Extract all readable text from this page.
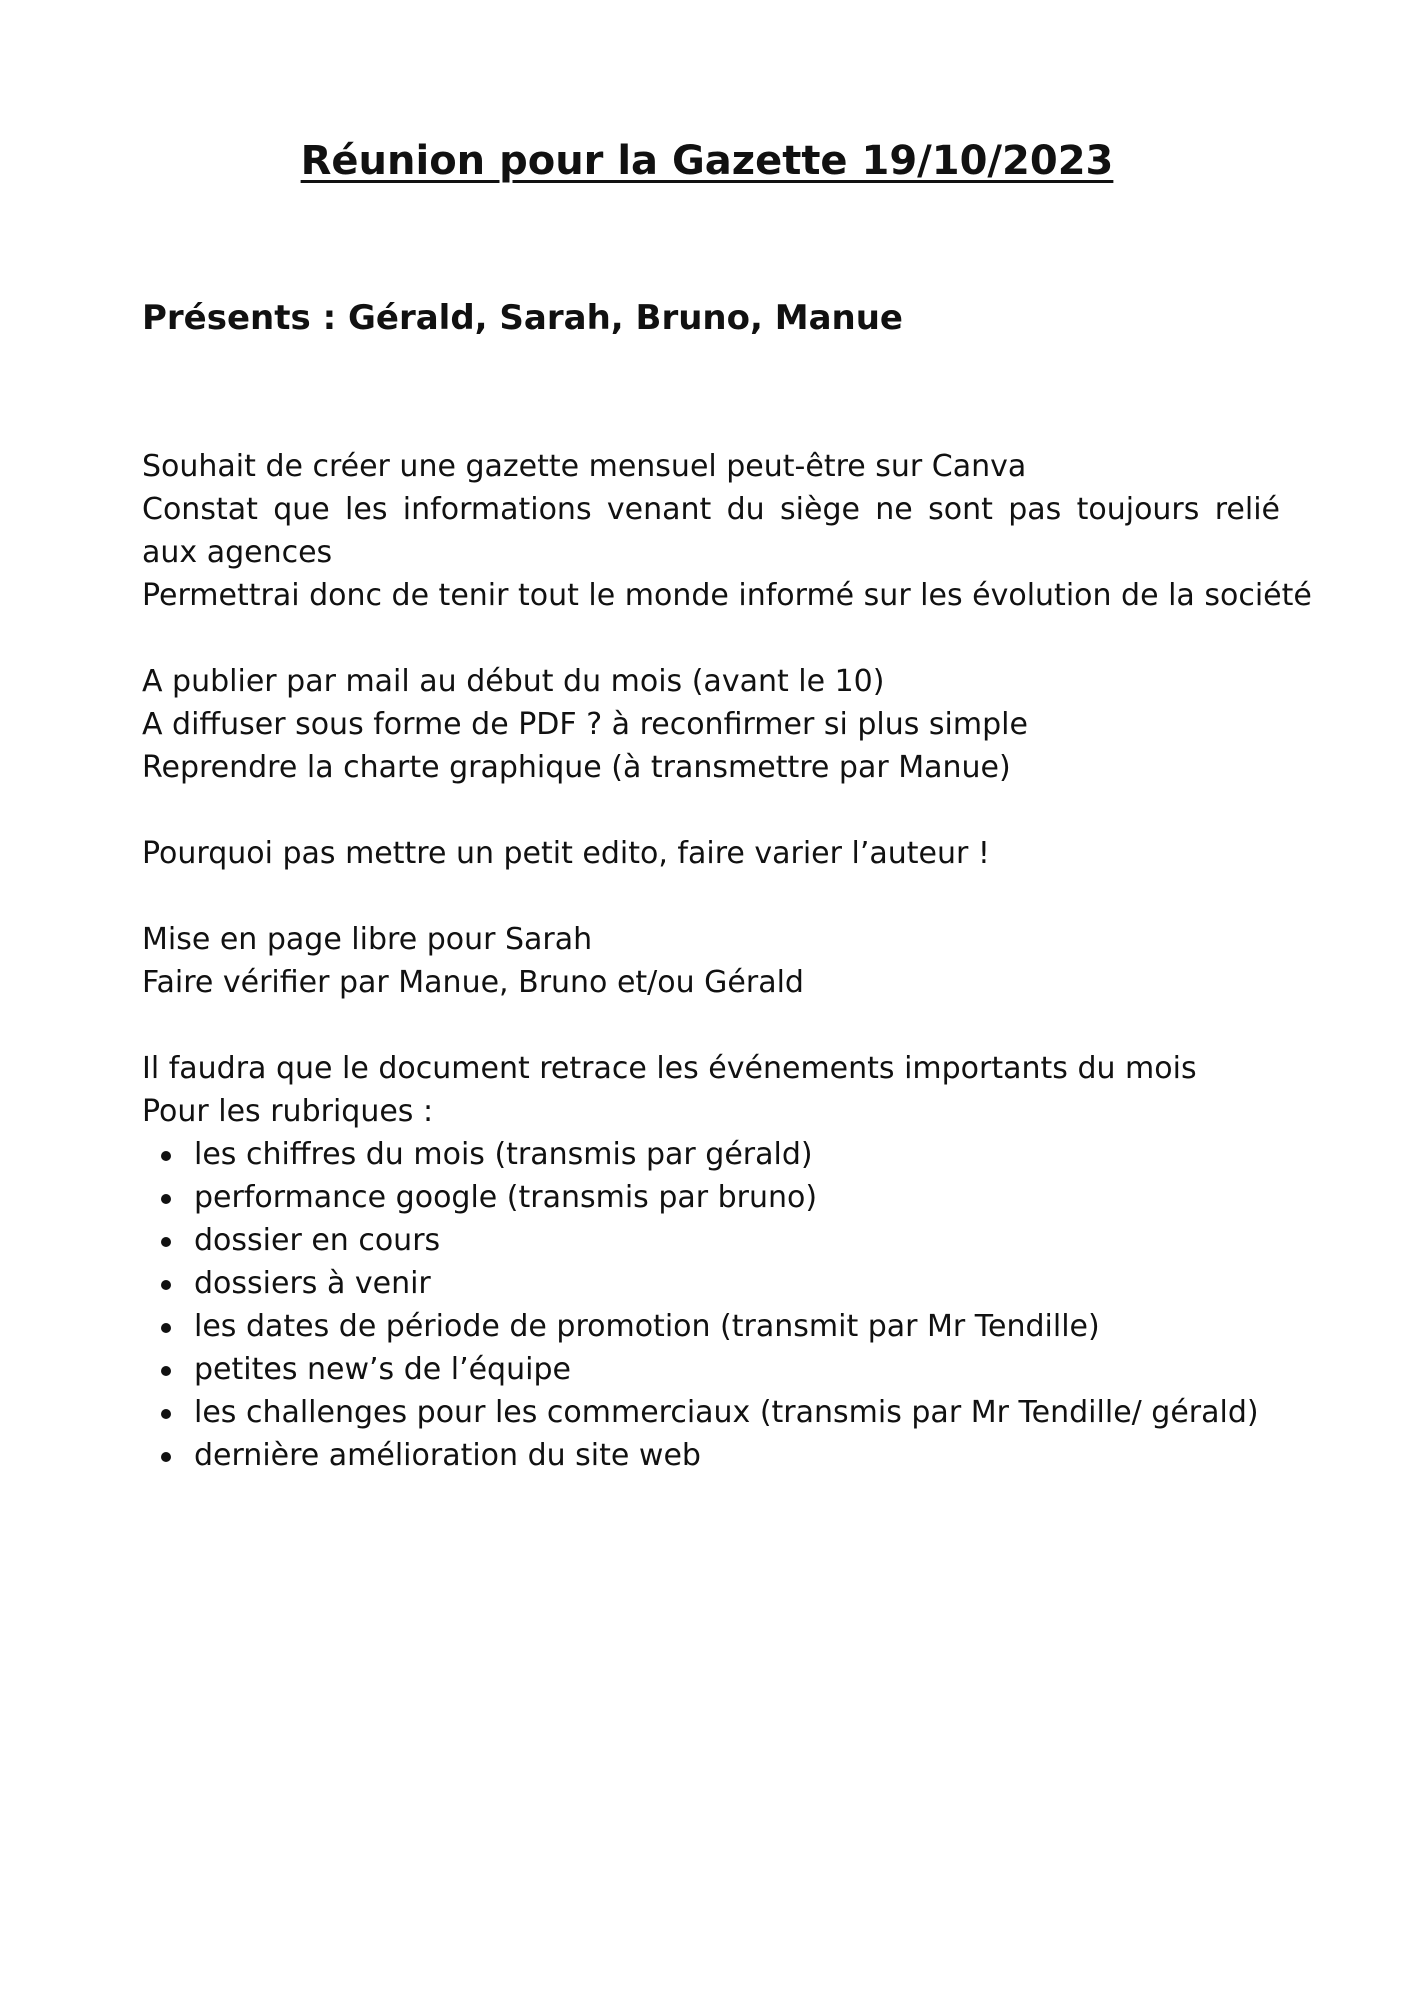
Réunion pour la Gazette 19/10/2023
Présents : Gérald, Sarah, Bruno, Manue
Souhait de créer une gazette mensuel peut-être sur Canva
Constat que les informations venant du siège ne sont pas toujours relié aux agences
Permettrai donc de tenir tout le monde informé sur les évolution de la société
A publier par mail au début du mois (avant le 10)
A diffuser sous forme de PDF ? à reconfirmer si plus simple
Reprendre la charte graphique (à transmettre par Manue)
Pourquoi pas mettre un petit edito, faire varier l’auteur !
Mise en page libre pour Sarah
Faire vérifier par Manue, Bruno et/ou Gérald
Il faudra que le document retrace les événements importants du mois
Pour les rubriques :
les chiffres du mois (transmis par gérald)
performance google (transmis par bruno)
dossier en cours
dossiers à venir
les dates de période de promotion (transmit par Mr Tendille)
petites new’s de l’équipe
les challenges pour les commerciaux (transmis par Mr Tendille/ gérald)
dernière amélioration du site web
